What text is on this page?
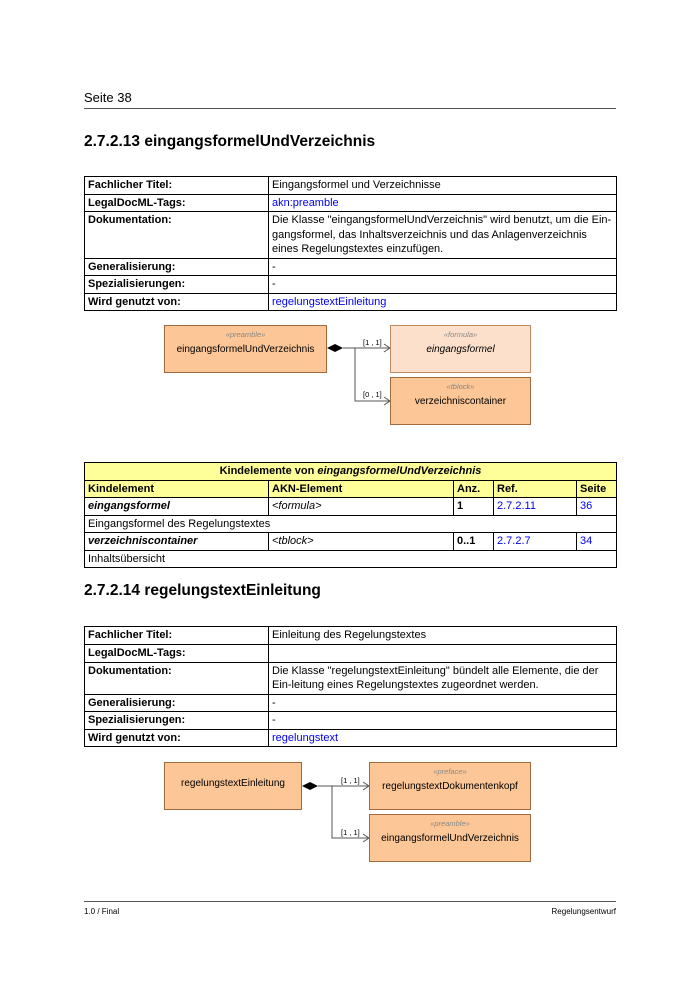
Seite 38
2.7.2.13 eingangsformelUndVerzeichnis
Fachlicher Titel:	Eingangsformel und Verzeichnisse
LegalDocML-Tags:	akn:preamble
Dokumentation:	Die Klasse "eingangsformelUndVerzeichnis" wird benutzt, um die Ein-gangsformel, das Inhaltsverzeichnis und das Anlagenverzeichnis eines Regelungstextes einzufügen.
Generalisierung:	-
Spezialisierungen:	-
Wird genutzt von:	regelungstextEinleitung
«preamble»
eingangsformelUndVerzeichnis
«formula»
eingangsformel
«tblock»
verzeichniscontainer
[1 , 1]
[0 , 1]
Kindelemente von eingangsformelUndVerzeichnis				
Kindelement	AKN-Element	Anz.	Ref.	Seite
eingangsformel	<formula>	1	2.7.2.11	36
Eingangsformel des Regelungstextes				
verzeichniscontainer	<tblock>	0..1	2.7.2.7	34
Inhaltsübersicht				
2.7.2.14 regelungstextEinleitung
Fachlicher Titel:	Einleitung des Regelungstextes
LegalDocML-Tags:	
Dokumentation:	Die Klasse "regelungstextEinleitung" bündelt alle Elemente, die der Ein-leitung eines Regelungstextes zugeordnet werden.
Generalisierung:	-
Spezialisierungen:	-
Wird genutzt von:	regelungstext
regelungstextEinleitung
«preface»
regelungstextDokumentenkopf
«preamble»
eingangsformelUndVerzeichnis
[1 , 1]
[1 , 1]
1.0 / Final	Regelungsentwurf
